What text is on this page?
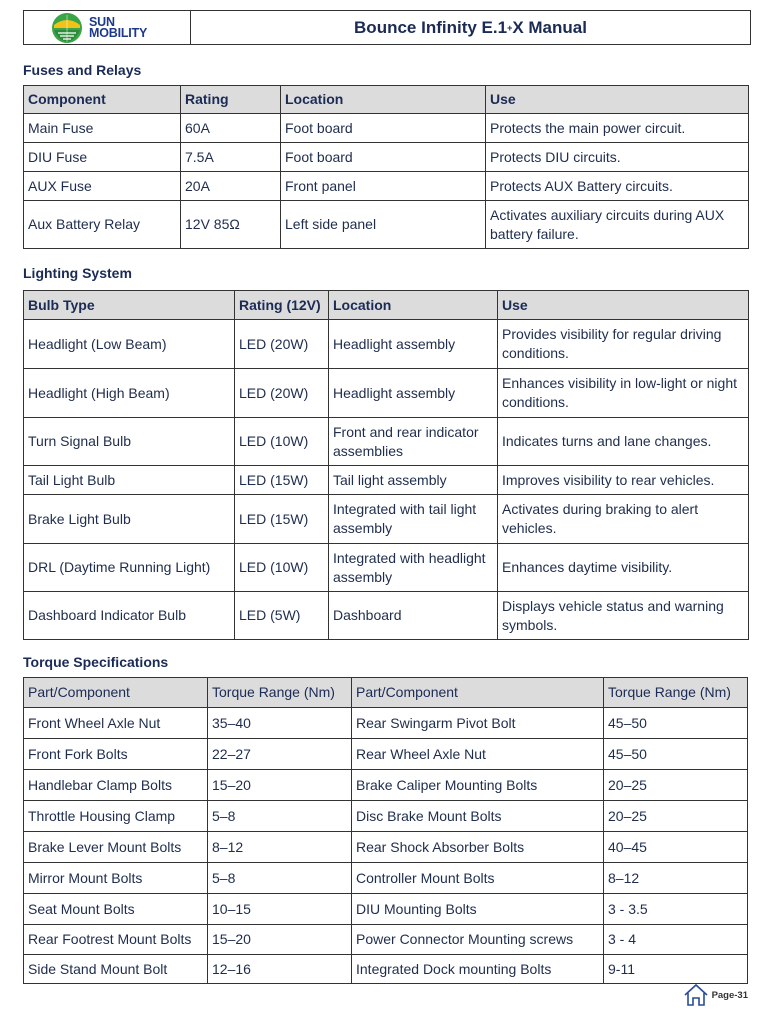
SUN
MOBILITY	Bounce Infinity E.1 + X Manual
Fuses and Relays
Component	Rating	Location	Use
Main Fuse	60A	Foot board	Protects the main power circuit.
DIU Fuse	7.5A	Foot board	Protects DIU circuits.
AUX Fuse	20A	Front panel	Protects AUX Battery circuits.
Aux Battery Relay	12V 85Ω	Left side panel	Activates auxiliary circuits during AUX battery failure.
Lighting System
Bulb Type	Rating (12V)	Location	Use
Headlight (Low Beam)	LED (20W)	Headlight assembly	Provides visibility for regular driving conditions.
Headlight (High Beam)	LED (20W)	Headlight assembly	Enhances visibility in low-light or night conditions.
Turn Signal Bulb	LED (10W)	Front and rear indicator assemblies	Indicates turns and lane changes.
Tail Light Bulb	LED (15W)	Tail light assembly	Improves visibility to rear vehicles.
Brake Light Bulb	LED (15W)	Integrated with tail light assembly	Activates during braking to alert vehicles.
DRL (Daytime Running Light)	LED (10W)	Integrated with headlight assembly	Enhances daytime visibility.
Dashboard Indicator Bulb	LED (5W)	Dashboard	Displays vehicle status and warning symbols.
Torque Specifications
Part/Component	Torque Range (Nm)	Part/Component	Torque Range (Nm)
Front Wheel Axle Nut	35–40	Rear Swingarm Pivot Bolt	45–50
Front Fork Bolts	22–27	Rear Wheel Axle Nut	45–50
Handlebar Clamp Bolts	15–20	Brake Caliper Mounting Bolts	20–25
Throttle Housing Clamp	5–8	Disc Brake Mount Bolts	20–25
Brake Lever Mount Bolts	8–12	Rear Shock Absorber Bolts	40–45
Mirror Mount Bolts	5–8	Controller Mount Bolts	8–12
Seat Mount Bolts	10–15	DIU Mounting Bolts	3 - 3.5
Rear Footrest Mount Bolts	15–20	Power Connector Mounting screws	3 - 4
Side Stand Mount Bolt	12–16	Integrated Dock mounting Bolts	9-11
Page-31
